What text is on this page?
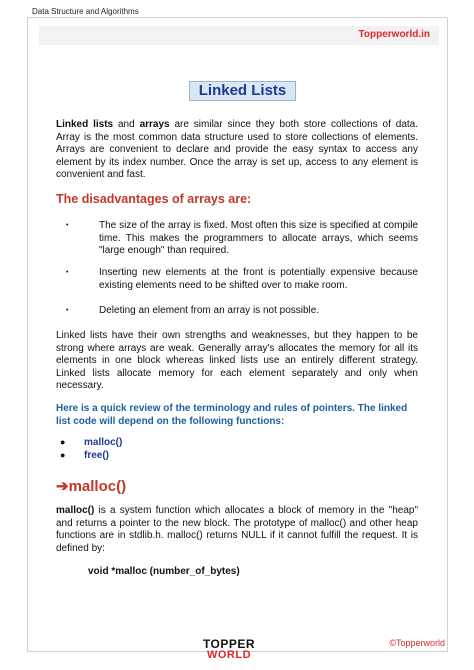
Data Structure and Algorithms
Topperworld.in
Linked Lists
Linked lists and arrays are similar since they both store collections of data. Array is the most common data structure used to store collections of elements. Arrays are convenient to declare and provide the easy syntax to access any element by its index number. Once the array is set up, access to any element is convenient and fast.
The disadvantages of arrays are:
•	The size of the array is fixed. Most often this size is specified at compile time. This makes the programmers to allocate arrays, which seems "large enough" than required.
•	Inserting new elements at the front is potentially expensive because existing elements need to be shifted over to make room.
•	Deleting an element from an array is not possible.
Linked lists have their own strengths and weaknesses, but they happen to be strong where arrays are weak. Generally array's allocates the memory for all its elements in one block whereas linked lists use an entirely different strategy. Linked lists allocate memory for each element separately and only when necessary.
Here is a quick review of the terminology and rules of pointers. The linked list code will depend on the following functions:
● malloc()
● free()
➔malloc()
malloc() is a system function which allocates a block of memory in the "heap" and returns a pointer to the new block. The prototype of malloc() and other heap functions are in stdlib.h. malloc() returns NULL if it cannot fulfill the request. It is defined by:
void *malloc (number_of_bytes)
TOPPER
WORLD
©Topperworld
